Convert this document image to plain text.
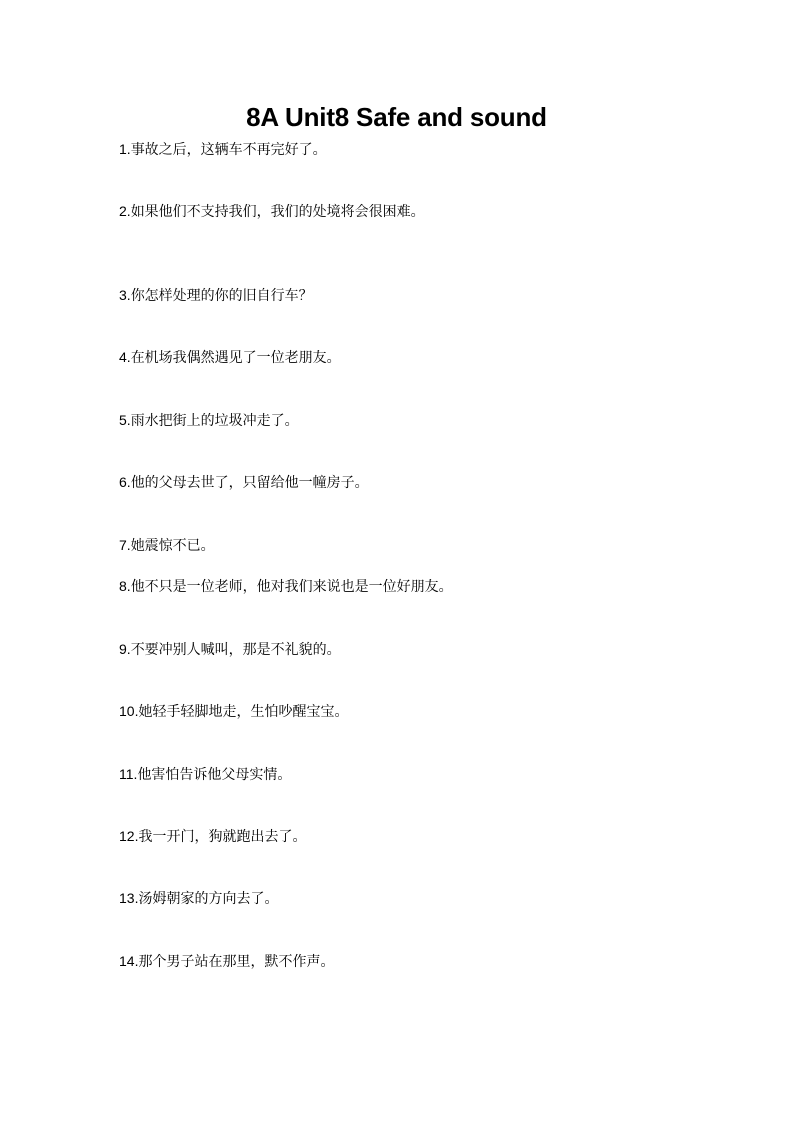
8A Unit8 Safe and sound

1.事故之后，这辆车不再完好了。

2.如果他们不支持我们，我们的处境将会很困难。

3.你怎样处理的你的旧自行车？

4.在机场我偶然遇见了一位老朋友。

5.雨水把街上的垃圾冲走了。

6.他的父母去世了，只留给他一幢房子。

7.她震惊不已。

8.他不只是一位老师，他对我们来说也是一位好朋友。

9.不要冲别人喊叫，那是不礼貌的。

10.她轻手轻脚地走，生怕吵醒宝宝。

11.他害怕告诉他父母实情。

12.我一开门，狗就跑出去了。

13.汤姆朝家的方向去了。

14.那个男子站在那里，默不作声。
